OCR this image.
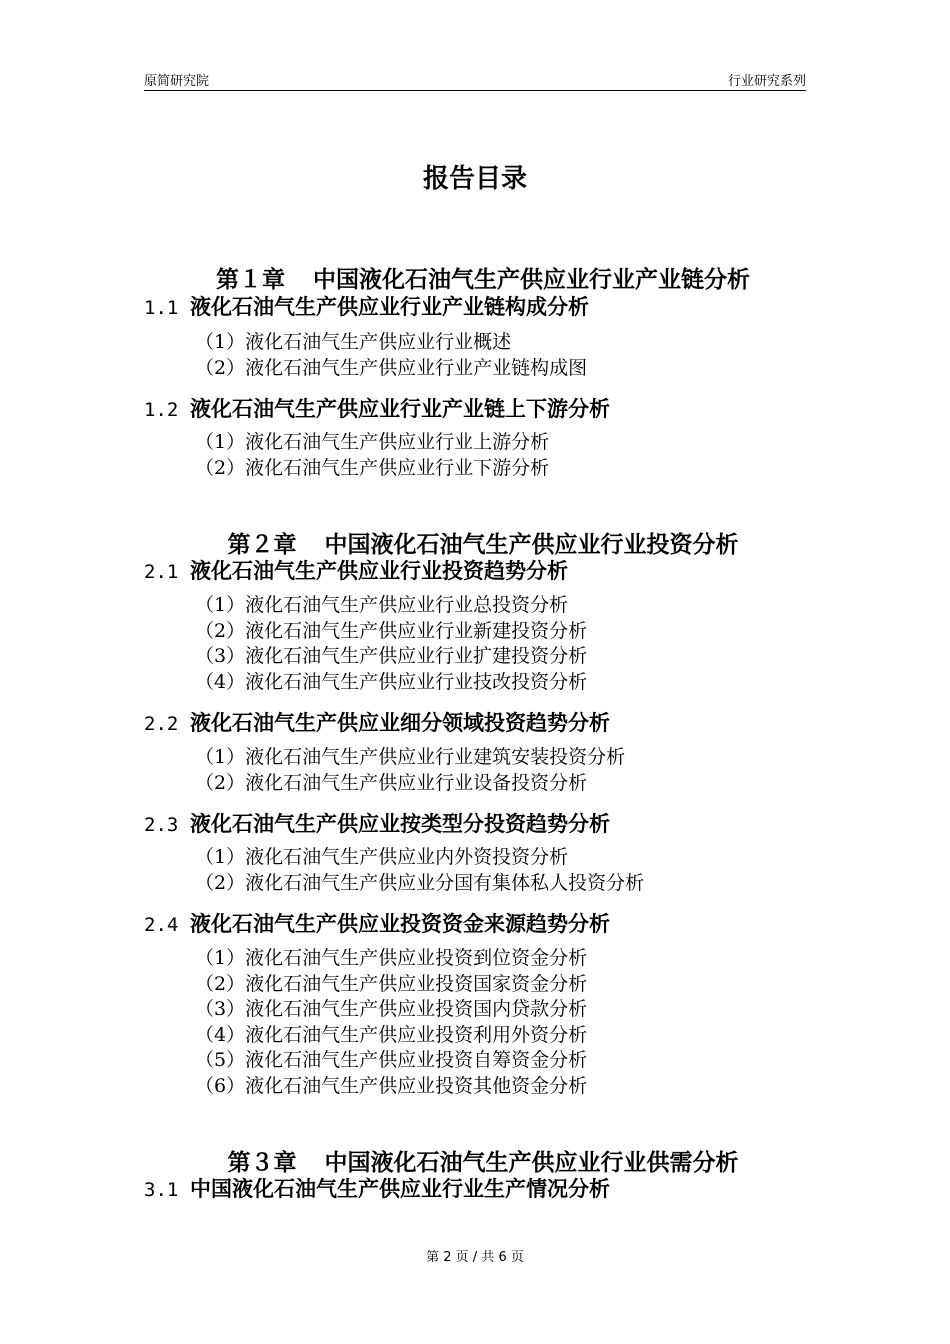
原简研究院	行业研究系列
报告目录

第１章 中国液化石油气生产供应业行业产业链分析

1.1 液化石油气生产供应业行业产业链构成分析
（1）液化石油气生产供应业行业概述
（2）液化石油气生产供应业行业产业链构成图
1.2 液化石油气生产供应业行业产业链上下游分析
（1）液化石油气生产供应业行业上游分析
（2）液化石油气生产供应业行业下游分析

第２章 中国液化石油气生产供应业行业投资分析

2.1 液化石油气生产供应业行业投资趋势分析
（1）液化石油气生产供应业行业总投资分析
（2）液化石油气生产供应业行业新建投资分析
（3）液化石油气生产供应业行业扩建投资分析
（4）液化石油气生产供应业行业技改投资分析
2.2 液化石油气生产供应业细分领域投资趋势分析
（1）液化石油气生产供应业行业建筑安装投资分析
（2）液化石油气生产供应业行业设备投资分析
2.3 液化石油气生产供应业按类型分投资趋势分析
（1）液化石油气生产供应业内外资投资分析
（2）液化石油气生产供应业分国有集体私人投资分析
2.4 液化石油气生产供应业投资资金来源趋势分析
（1）液化石油气生产供应业投资到位资金分析
（2）液化石油气生产供应业投资国家资金分析
（3）液化石油气生产供应业投资国内贷款分析
（4）液化石油气生产供应业投资利用外资分析
（5）液化石油气生产供应业投资自筹资金分析
（6）液化石油气生产供应业投资其他资金分析

第３章 中国液化石油气生产供应业行业供需分析

3.1 中国液化石油气生产供应业行业生产情况分析
第 2 页 / 共 6 页
